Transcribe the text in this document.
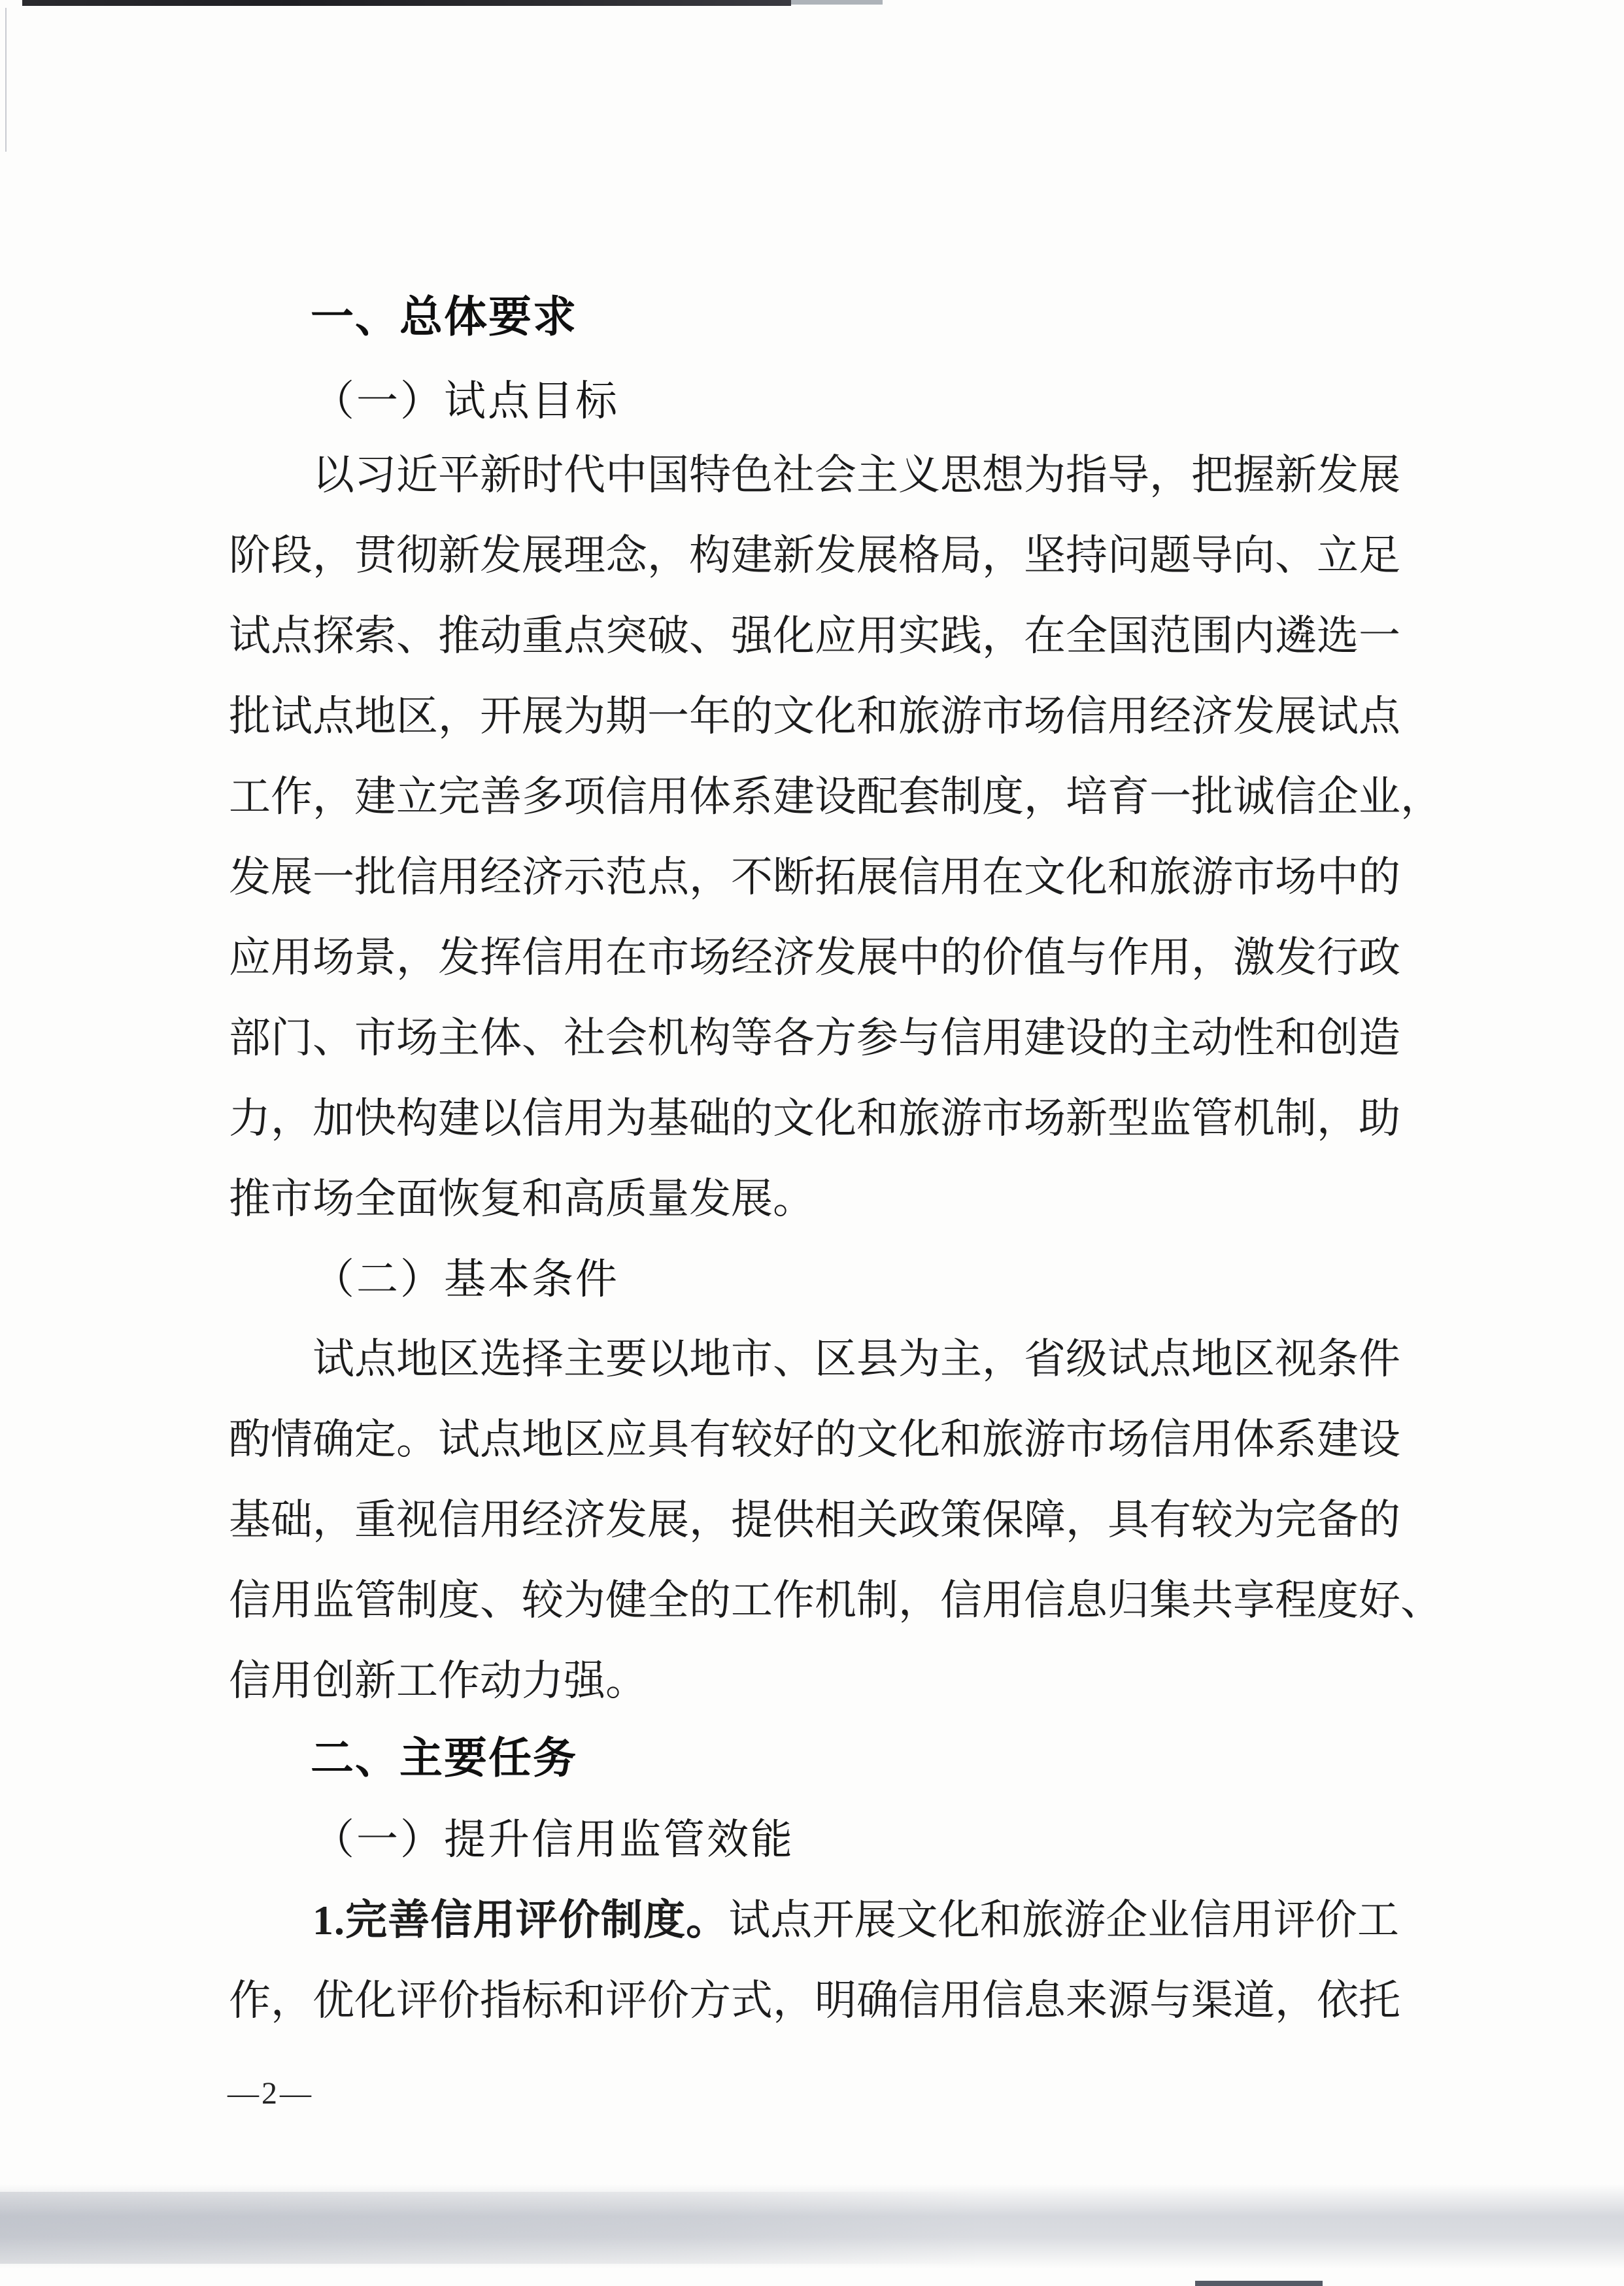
一、总体要求
（一）试点目标
以习近平新时代中国特色社会主义思想为指导，把握新发展
阶段，贯彻新发展理念，构建新发展格局，坚持问题导向、立足
试点探索、推动重点突破、强化应用实践，在全国范围内遴选一
批试点地区，开展为期一年的文化和旅游市场信用经济发展试点
工作，建立完善多项信用体系建设配套制度，培育一批诚信企业，
发展一批信用经济示范点，不断拓展信用在文化和旅游市场中的
应用场景，发挥信用在市场经济发展中的价值与作用，激发行政
部门、市场主体、社会机构等各方参与信用建设的主动性和创造
力，加快构建以信用为基础的文化和旅游市场新型监管机制，助
推市场全面恢复和高质量发展。
（二）基本条件
试点地区选择主要以地市、区县为主，省级试点地区视条件
酌情确定。试点地区应具有较好的文化和旅游市场信用体系建设
基础，重视信用经济发展，提供相关政策保障，具有较为完备的
信用监管制度、较为健全的工作机制，信用信息归集共享程度好、
信用创新工作动力强。
二、主要任务
（一）提升信用监管效能
1.完善信用评价制度。试点开展文化和旅游企业信用评价工
作，优化评价指标和评价方式，明确信用信息来源与渠道，依托
—2—
